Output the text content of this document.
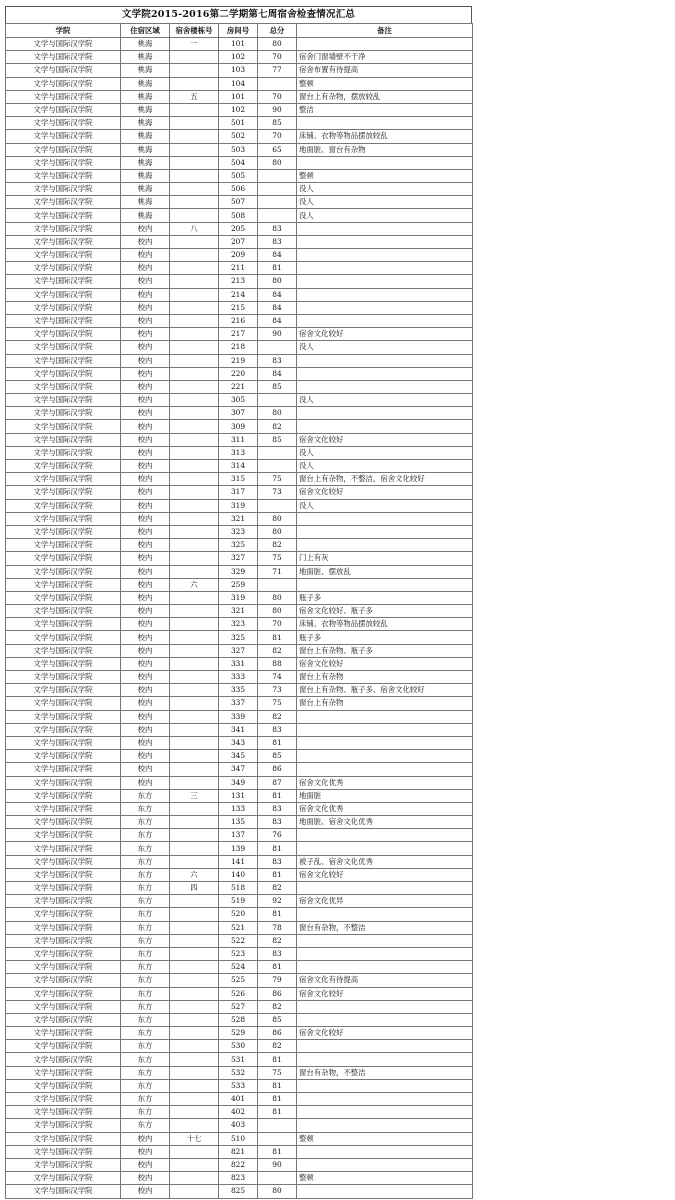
文学院2015-2016第二学期第七周宿舍检查情况汇总
学院	住宿区域	宿舍楼栋号	房间号	总分	备注
文学与国际汉学院	桃海	一	101	80	
文学与国际汉学院	桃海		102	70	宿舍门窗墙壁不干净
文学与国际汉学院	桃海		103	77	宿舍布置有待提高
文学与国际汉学院	桃海		104		整顿
文学与国际汉学院	桃海	五	101	70	窗台上有杂物，摆放较乱
文学与国际汉学院	桃海		102	90	整洁
文学与国际汉学院	桃海		501	85	
文学与国际汉学院	桃海		502	70	床铺、衣物等物品摆放较乱
文学与国际汉学院	桃海		503	65	地面脏、窗台有杂物
文学与国际汉学院	桃海		504	80	
文学与国际汉学院	桃海		505		整顿
文学与国际汉学院	桃海		506		没人
文学与国际汉学院	桃海		507		没人
文学与国际汉学院	桃海		508		没人
文学与国际汉学院	校内	八	205	83	
文学与国际汉学院	校内		207	83	
文学与国际汉学院	校内		209	84	
文学与国际汉学院	校内		211	81	
文学与国际汉学院	校内		213	80	
文学与国际汉学院	校内		214	84	
文学与国际汉学院	校内		215	84	
文学与国际汉学院	校内		216	84	
文学与国际汉学院	校内		217	90	宿舍文化较好
文学与国际汉学院	校内		218		没人
文学与国际汉学院	校内		219	83	
文学与国际汉学院	校内		220	84	
文学与国际汉学院	校内		221	85	
文学与国际汉学院	校内		305		没人
文学与国际汉学院	校内		307	80	
文学与国际汉学院	校内		309	82	
文学与国际汉学院	校内		311	85	宿舍文化较好
文学与国际汉学院	校内		313		没人
文学与国际汉学院	校内		314		没人
文学与国际汉学院	校内		315	75	窗台上有杂物，不整洁，宿舍文化较好
文学与国际汉学院	校内		317	73	宿舍文化较好
文学与国际汉学院	校内		319		没人
文学与国际汉学院	校内		321	80	
文学与国际汉学院	校内		323	80	
文学与国际汉学院	校内		325	82	
文学与国际汉学院	校内		327	75	门上有灰
文学与国际汉学院	校内		329	71	地面脏、摆放乱
文学与国际汉学院	校内	六	259		
文学与国际汉学院	校内		319	80	瓶子多
文学与国际汉学院	校内		321	80	宿舍文化较好、瓶子多
文学与国际汉学院	校内		323	70	床铺、衣物等物品摆放较乱
文学与国际汉学院	校内		325	81	瓶子多
文学与国际汉学院	校内		327	82	窗台上有杂物、瓶子多
文学与国际汉学院	校内		331	88	宿舍文化较好
文学与国际汉学院	校内		333	74	窗台上有杂物
文学与国际汉学院	校内		335	73	窗台上有杂物、瓶子多、宿舍文化较好
文学与国际汉学院	校内		337	75	窗台上有杂物
文学与国际汉学院	校内		339	82	
文学与国际汉学院	校内		341	83	
文学与国际汉学院	校内		343	81	
文学与国际汉学院	校内		345	85	
文学与国际汉学院	校内		347	86	
文学与国际汉学院	校内		349	87	宿舍文化优秀
文学与国际汉学院	东方	三	131	81	地面脏
文学与国际汉学院	东方		133	83	宿舍文化优秀
文学与国际汉学院	东方		135	83	地面脏、宿舍文化优秀
文学与国际汉学院	东方		137	76	
文学与国际汉学院	东方		139	81	
文学与国际汉学院	东方		141	83	被子乱、宿舍文化优秀
文学与国际汉学院	东方	六	140	81	宿舍文化较好
文学与国际汉学院	东方	四	518	82	
文学与国际汉学院	东方		519	92	宿舍文化优异
文学与国际汉学院	东方		520	81	
文学与国际汉学院	东方		521	78	窗台有杂物，不整洁
文学与国际汉学院	东方		522	82	
文学与国际汉学院	东方		523	83	
文学与国际汉学院	东方		524	81	
文学与国际汉学院	东方		525	79	宿舍文化有待提高
文学与国际汉学院	东方		526	86	宿舍文化较好
文学与国际汉学院	东方		527	82	
文学与国际汉学院	东方		528	85	
文学与国际汉学院	东方		529	86	宿舍文化较好
文学与国际汉学院	东方		530	82	
文学与国际汉学院	东方		531	81	
文学与国际汉学院	东方		532	75	窗台有杂物，不整洁
文学与国际汉学院	东方		533	81	
文学与国际汉学院	东方		401	81	
文学与国际汉学院	东方		402	81	
文学与国际汉学院	东方		403		
文学与国际汉学院	校内	十七	510		整顿
文学与国际汉学院	校内		821	81	
文学与国际汉学院	校内		822	90	
文学与国际汉学院	校内		823		整顿
文学与国际汉学院	校内		825	80	
